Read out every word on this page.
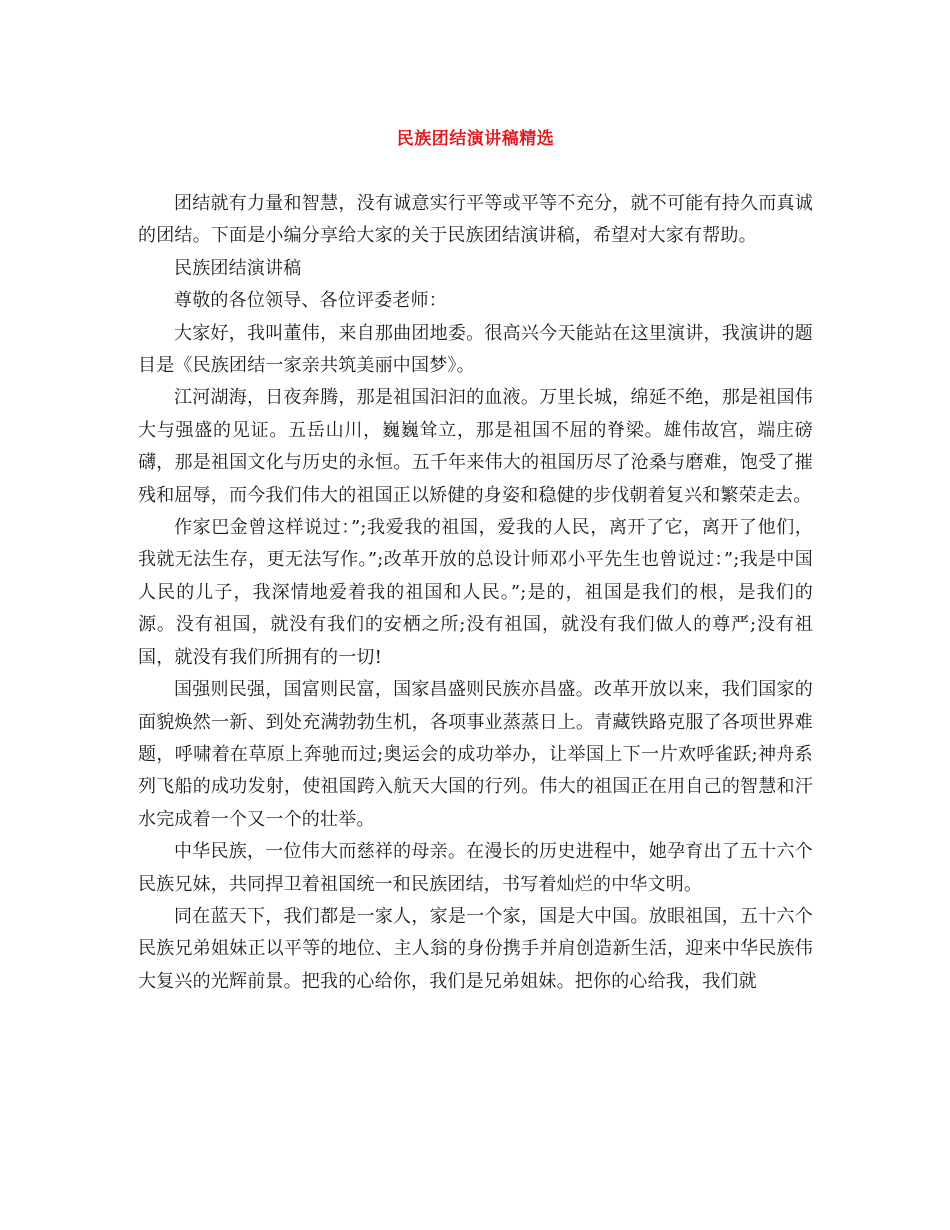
民族团结演讲稿精选

团结就有力量和智慧，没有诚意实行平等或平等不充分，就不可能有持久而真诚的团结。下面是小编分享给大家的关于民族团结演讲稿，希望对大家有帮助。

民族团结演讲稿

尊敬的各位领导、各位评委老师：

大家好，我叫董伟，来自那曲团地委。很高兴今天能站在这里演讲，我演讲的题目是《民族团结一家亲共筑美丽中国梦》。

江河湖海，日夜奔腾，那是祖国汩汩的血液。万里长城，绵延不绝，那是祖国伟大与强盛的见证。五岳山川，巍巍耸立，那是祖国不屈的脊梁。雄伟故宫，端庄磅礴，那是祖国文化与历史的永恒。五千年来伟大的祖国历尽了沧桑与磨难，饱受了摧残和屈辱，而今我们伟大的祖国正以矫健的身姿和稳健的步伐朝着复兴和繁荣走去。

作家巴金曾这样说过：”;我爱我的祖国，爱我的人民，离开了它，离开了他们，我就无法生存，更无法写作。”;改革开放的总设计师邓小平先生也曾说过：”;我是中国人民的儿子，我深情地爱着我的祖国和人民。”;是的，祖国是我们的根，是我们的源。没有祖国，就没有我们的安栖之所;没有祖国，就没有我们做人的尊严;没有祖国，就没有我们所拥有的一切!

国强则民强，国富则民富，国家昌盛则民族亦昌盛。改革开放以来，我们国家的面貌焕然一新、到处充满勃勃生机，各项事业蒸蒸日上。青藏铁路克服了各项世界难题，呼啸着在草原上奔驰而过;奥运会的成功举办，让举国上下一片欢呼雀跃;神舟系列飞船的成功发射，使祖国跨入航天大国的行列。伟大的祖国正在用自己的智慧和汗水完成着一个又一个的壮举。

中华民族，一位伟大而慈祥的母亲。在漫长的历史进程中，她孕育出了五十六个民族兄妹，共同捍卫着祖国统一和民族团结，书写着灿烂的中华文明。

同在蓝天下，我们都是一家人，家是一个家，国是大中国。放眼祖国，五十六个民族兄弟姐妹正以平等的地位、主人翁的身份携手并肩创造新生活，迎来中华民族伟大复兴的光辉前景。把我的心给你，我们是兄弟姐妹。把你的心给我，我们就
